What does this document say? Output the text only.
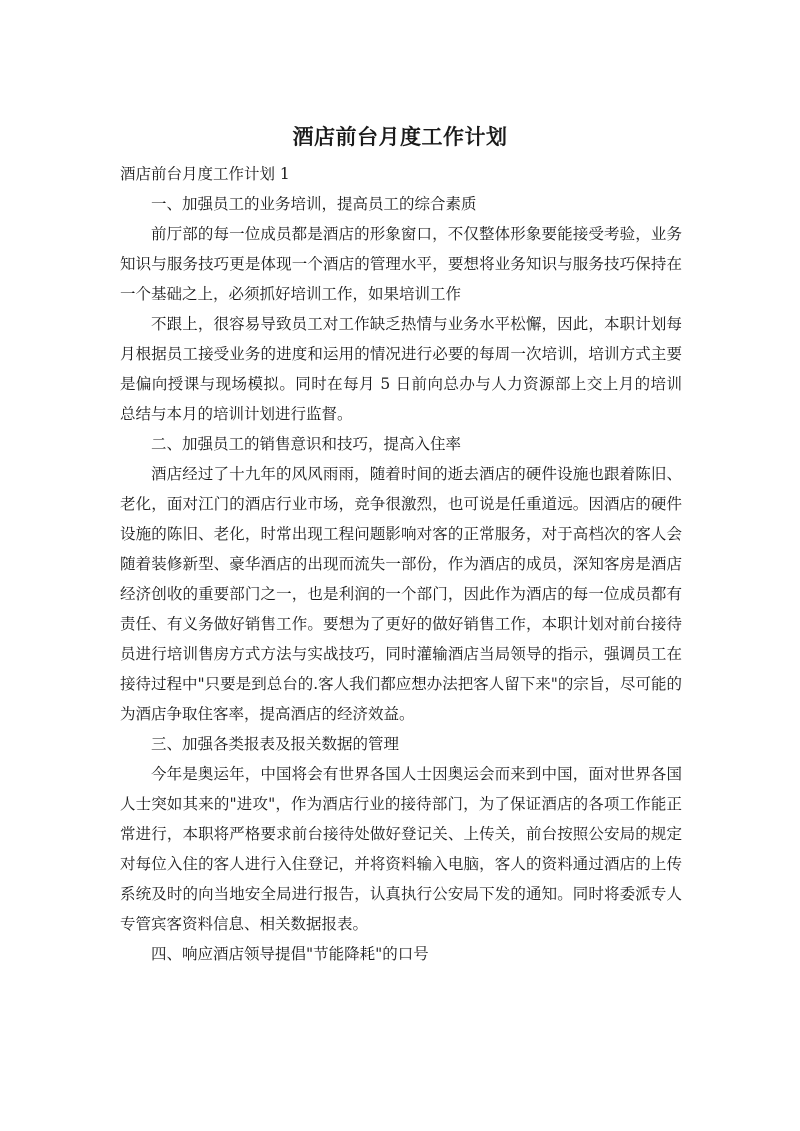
酒店前台月度工作计划

酒店前台月度工作计划 1

一、加强员工的业务培训，提高员工的综合素质

前厅部的每一位成员都是酒店的形象窗口，不仅整体形象要能接受考验，业务知识与服务技巧更是体现一个酒店的管理水平，要想将业务知识与服务技巧保持在一个基础之上，必须抓好培训工作，如果培训工作

不跟上，很容易导致员工对工作缺乏热情与业务水平松懈，因此，本职计划每月根据员工接受业务的进度和运用的情况进行必要的每周一次培训，培训方式主要是偏向授课与现场模拟。同时在每月 5 日前向总办与人力资源部上交上月的培训总结与本月的培训计划进行监督。

二、加强员工的销售意识和技巧，提高入住率

酒店经过了十九年的风风雨雨，随着时间的逝去酒店的硬件设施也跟着陈旧、老化，面对江门的酒店行业市场，竞争很激烈，也可说是任重道远。因酒店的硬件设施的陈旧、老化，时常出现工程问题影响对客的正常服务，对于高档次的客人会随着装修新型、豪华酒店的出现而流失一部份，作为酒店的成员，深知客房是酒店经济创收的重要部门之一，也是利润的一个部门，因此作为酒店的每一位成员都有责任、有义务做好销售工作。要想为了更好的做好销售工作，本职计划对前台接待员进行培训售房方式方法与实战技巧，同时灌输酒店当局领导的指示，强调员工在接待过程中"只要是到总台的.客人我们都应想办法把客人留下来"的宗旨，尽可能的为酒店争取住客率，提高酒店的经济效益。

三、加强各类报表及报关数据的管理

今年是奥运年，中国将会有世界各国人士因奥运会而来到中国，面对世界各国人士突如其来的"进攻"，作为酒店行业的接待部门，为了保证酒店的各项工作能正常进行，本职将严格要求前台接待处做好登记关、上传关，前台按照公安局的规定对每位入住的客人进行入住登记，并将资料输入电脑，客人的资料通过酒店的上传系统及时的向当地安全局进行报告，认真执行公安局下发的通知。同时将委派专人专管宾客资料信息、相关数据报表。

四、响应酒店领导提倡"节能降耗"的口号
